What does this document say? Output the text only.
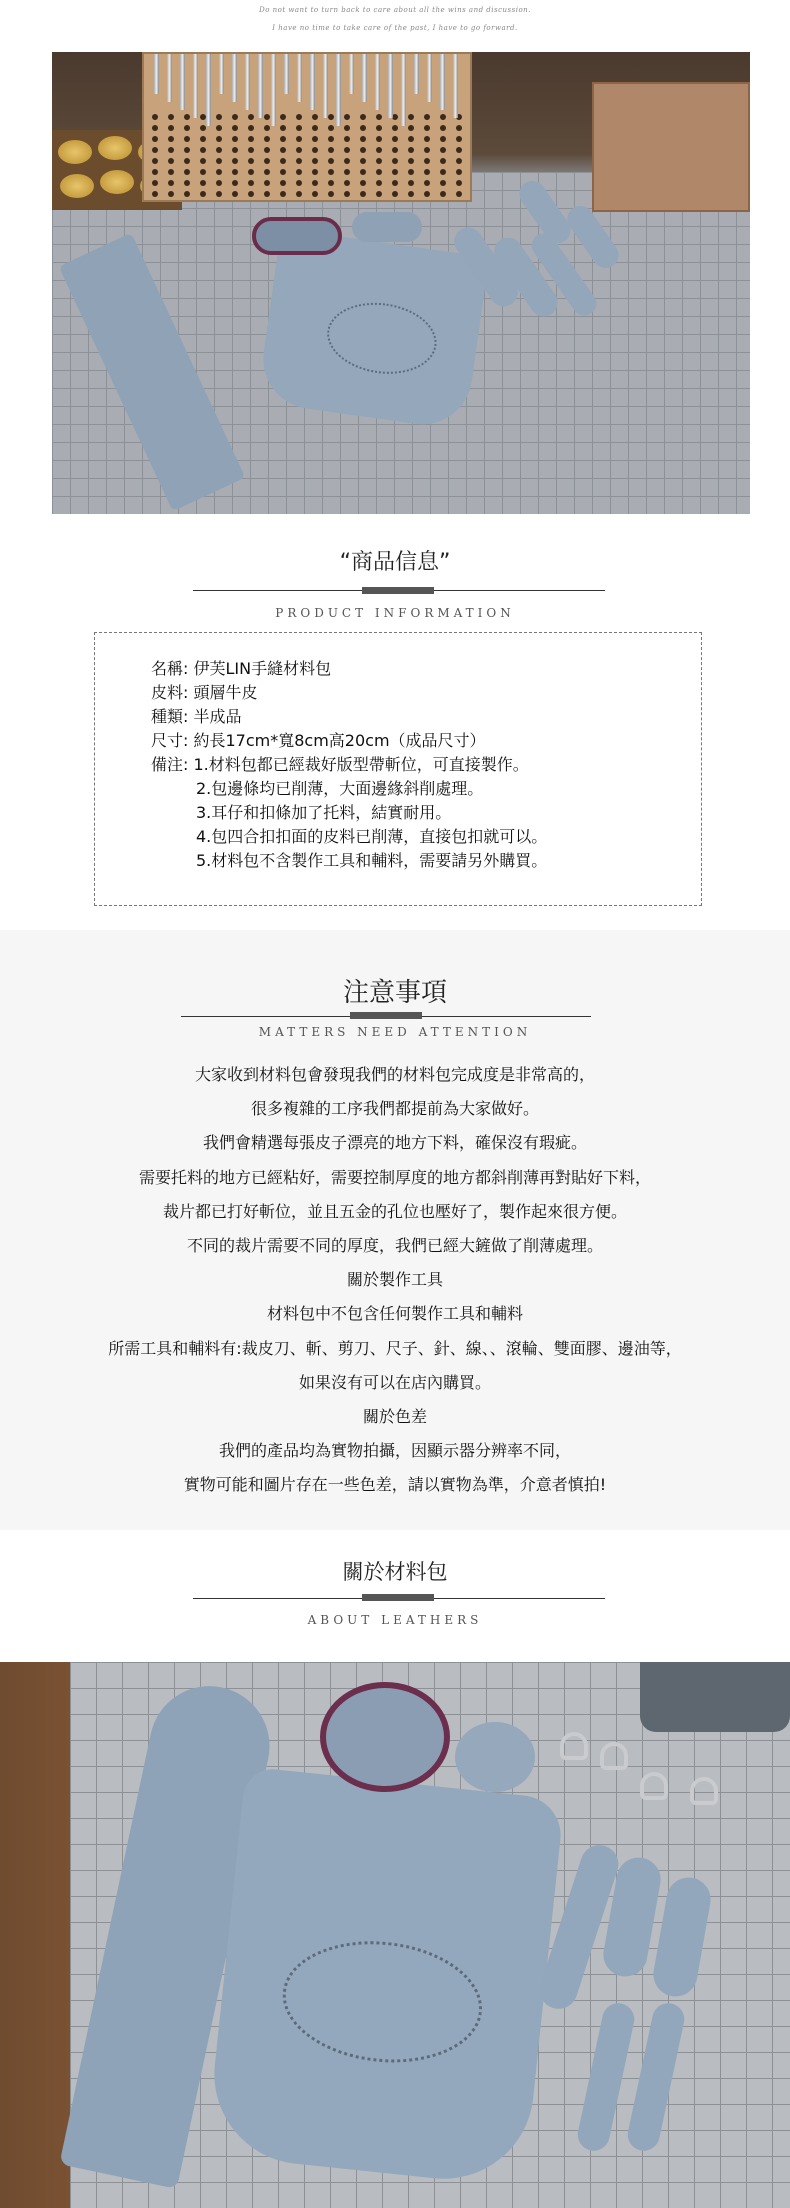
Do not want to turn back to care about all the wins and discussion.
I have no time to take care of the past, I have to go forward.
“商品信息”
PRODUCT INFORMATION
名稱: 伊芙LIN手縫材料包
皮料: 頭層牛皮
種類: 半成品
尺寸: 約長17cm*寬8cm高20cm（成品尺寸）
備注: 1.材料包都已經裁好版型帶斬位，可直接製作。
2.包邊條均已削薄，大面邊緣斜削處理。
3.耳仔和扣條加了托料，結實耐用。
4.包四合扣扣面的皮料已削薄，直接包扣就可以。
5.材料包不含製作工具和輔料，需要請另外購買。
注意事項
MATTERS NEED ATTENTION
大家收到材料包會發現我們的材料包完成度是非常高的，
很多複雜的工序我們都提前為大家做好。
我們會精選每張皮子漂亮的地方下料，確保沒有瑕疵。
需要托料的地方已經粘好，需要控制厚度的地方都斜削薄再對貼好下料，
裁片都已打好斬位，並且五金的孔位也壓好了，製作起來很方便。
不同的裁片需要不同的厚度，我們已經大鏟做了削薄處理。
關於製作工具
材料包中不包含任何製作工具和輔料
所需工具和輔料有:裁皮刀、斬、剪刀、尺子、針、線、、滾輪、雙面膠、邊油等，
如果沒有可以在店內購買。
關於色差
我們的產品均為實物拍攝，因顯示器分辨率不同，
實物可能和圖片存在一些色差，請以實物為準，介意者慎拍!
關於材料包
ABOUT LEATHERS
